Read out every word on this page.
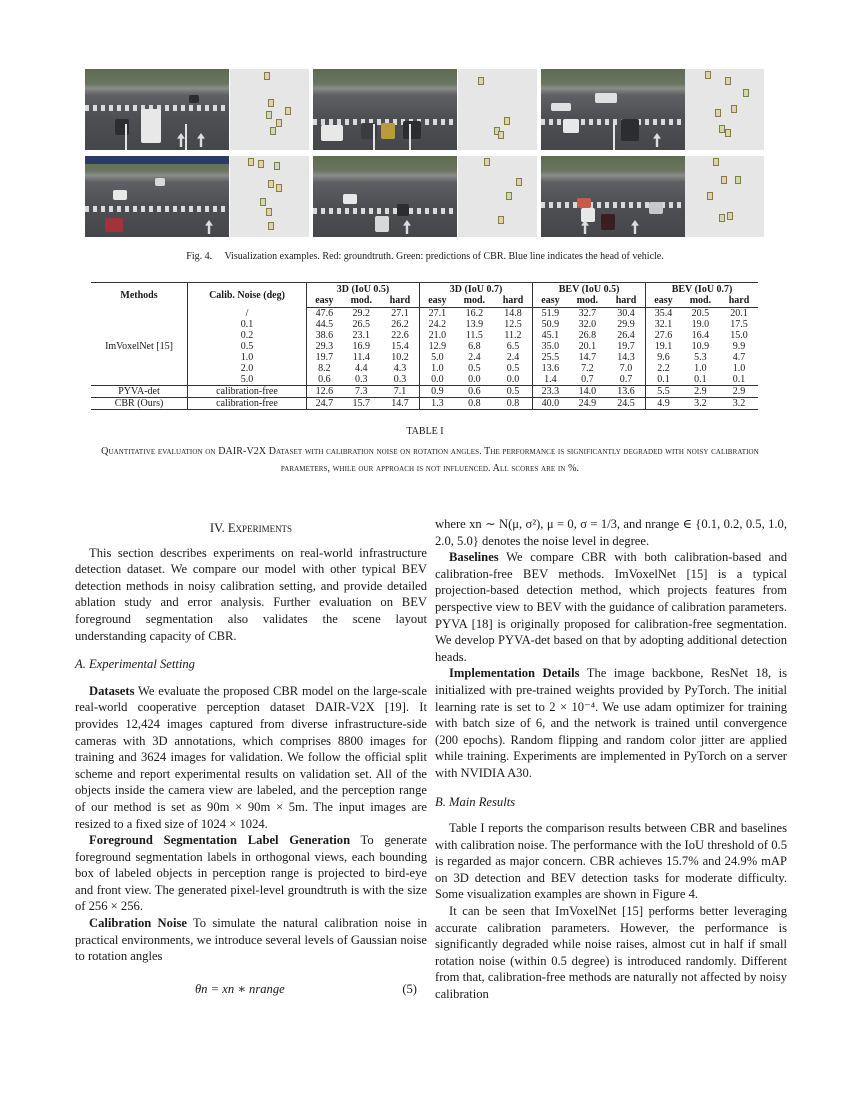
Fig. 4. Visualization examples. Red: groundtruth. Green: predictions of CBR. Blue line indicates the head of vehicle.
Methods	Calib. Noise (deg)	3D (IoU 0.5)			3D (IoU 0.7)			BEV (IoU 0.5)			BEV (IoU 0.7)		
		easy	mod.	hard	easy	mod.	hard	easy	mod.	hard	easy	mod.	hard
ImVoxelNet [15]	/	47.6	29.2	27.1	27.1	16.2	14.8	51.9	32.7	30.4	35.4	20.5	20.1
	0.1	44.5	26.5	26.2	24.2	13.9	12.5	50.9	32.0	29.9	32.1	19.0	17.5
	0.2	38.6	23.1	22.6	21.0	11.5	11.2	45.1	26.8	26.4	27.6	16.4	15.0
	0.5	29.3	16.9	15.4	12.9	6.8	6.5	35.0	20.1	19.7	19.1	10.9	9.9
	1.0	19.7	11.4	10.2	5.0	2.4	2.4	25.5	14.7	14.3	9.6	5.3	4.7
	2.0	8.2	4.4	4.3	1.0	0.5	0.5	13.6	7.2	7.0	2.2	1.0	1.0
	5.0	0.6	0.3	0.3	0.0	0.0	0.0	1.4	0.7	0.7	0.1	0.1	0.1
PYVA-det	calibration-free	12.6	7.3	7.1	0.9	0.6	0.5	23.3	14.0	13.6	5.5	2.9	2.9
CBR (Ours)	calibration-free	24.7	15.7	14.7	1.3	0.8	0.8	40.0	24.9	24.5	4.9	3.2	3.2
TABLE I
Quantitative evaluation on DAIR-V2X Dataset with calibration noise on rotation angles. The performance is significantly degraded with noisy calibration parameters, while our approach is not influenced. All scores are in %.
IV. Experiments

This section describes experiments on real-world infrastructure detection dataset. We compare our model with other typical BEV detection methods in noisy calibration setting, and provide detailed ablation study and error analysis. Further evaluation on BEV foreground segmentation also validates the scene layout understanding capacity of CBR.

A. Experimental Setting

Datasets We evaluate the proposed CBR model on the large-scale real-world cooperative perception dataset DAIR-V2X [19]. It provides 12,424 images captured from diverse infrastructure-side cameras with 3D annotations, which comprises 8800 images for training and 3624 images for validation. We follow the official split scheme and report experimental results on validation set. All of the objects inside the camera view are labeled, and the perception range of our method is set as 90m × 90m × 5m. The input images are resized to a fixed size of 1024 × 1024.

Foreground Segmentation Label Generation To generate foreground segmentation labels in orthogonal views, each bounding box of labeled objects in perception range is projected to bird-eye and front view. The generated pixel-level groundtruth is with the size of 256 × 256.

Calibration Noise To simulate the natural calibration noise in practical environments, we introduce several levels of Gaussian noise to rotation angles

θn = xn ∗ nrange	(5)

where xn ∼ N(μ, σ²), μ = 0, σ = 1/3, and nrange ∈ {0.1, 0.2, 0.5, 1.0, 2.0, 5.0} denotes the noise level in degree.

Baselines We compare CBR with both calibration-based and calibration-free BEV methods. ImVoxelNet [15] is a typical projection-based detection method, which projects features from perspective view to BEV with the guidance of calibration parameters. PYVA [18] is originally proposed for calibration-free segmentation. We develop PYVA-det based on that by adopting additional detection heads.

Implementation Details The image backbone, ResNet 18, is initialized with pre-trained weights provided by PyTorch. The initial learning rate is set to 2 × 10⁻⁴. We use adam optimizer for training with batch size of 6, and the network is trained until convergence (200 epochs). Random flipping and random color jitter are applied while training. Experiments are implemented in PyTorch on a server with NVIDIA A30.

B. Main Results

Table I reports the comparison results between CBR and baselines with calibration noise. The performance with the IoU threshold of 0.5 is regarded as major concern. CBR achieves 15.7% and 24.9% mAP on 3D detection and BEV detection tasks for moderate difficulty. Some visualization examples are shown in Figure 4.

It can be seen that ImVoxelNet [15] performs better leveraging accurate calibration parameters. However, the performance is significantly degraded while noise raises, almost cut in half if small rotation noise (within 0.5 degree) is introduced randomly. Different from that, calibration-free methods are naturally not affected by noisy calibration
